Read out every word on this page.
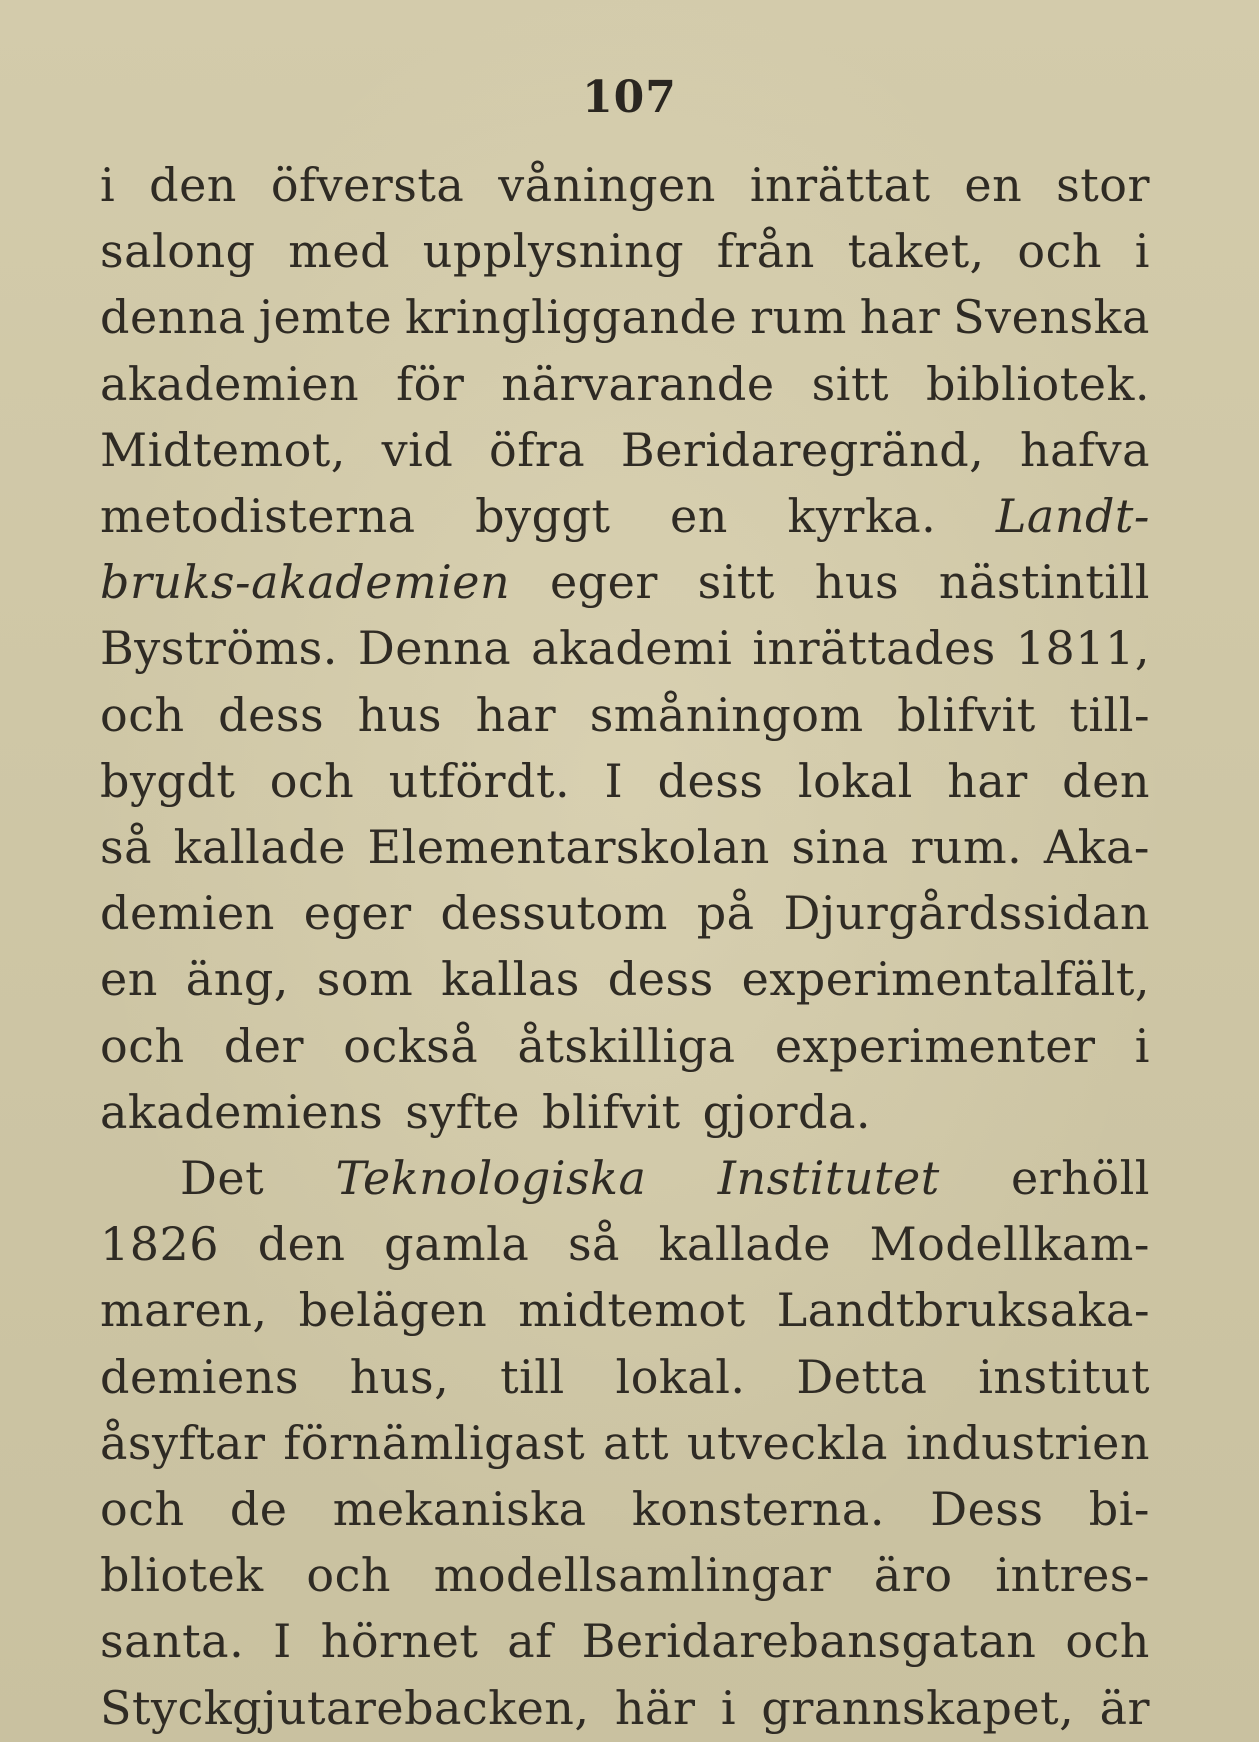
107
i den öfversta våningen inrättat en stor
salong med upplysning från taket, och i
denna jemte kringliggande rum har Svenska
akademien för närvarande sitt bibliotek.
Midtemot, vid öfra Beridaregränd, hafva
metodisterna byggt en kyrka. Landt-
bruks-akademien eger sitt hus nästintill
Byströms. Denna akademi inrättades 1811,
och dess hus har småningom blifvit till-
bygdt och utfördt. I dess lokal har den
så kallade Elementarskolan sina rum. Aka-
demien eger dessutom på Djurgårdssidan
en äng, som kallas dess experimentalfält,
och der också åtskilliga experimenter i
akademiens syfte blifvit gjorda.
Det Teknologiska Institutet erhöll
1826 den gamla så kallade Modellkam-
maren, belägen midtemot Landtbruksaka-
demiens hus, till lokal. Detta institut
åsyftar förnämligast att utveckla industrien
och de mekaniska konsterna. Dess bi-
bliotek och modellsamlingar äro intres-
santa. I hörnet af Beridarebansgatan och
Styckgjutarebacken, här i grannskapet, är
